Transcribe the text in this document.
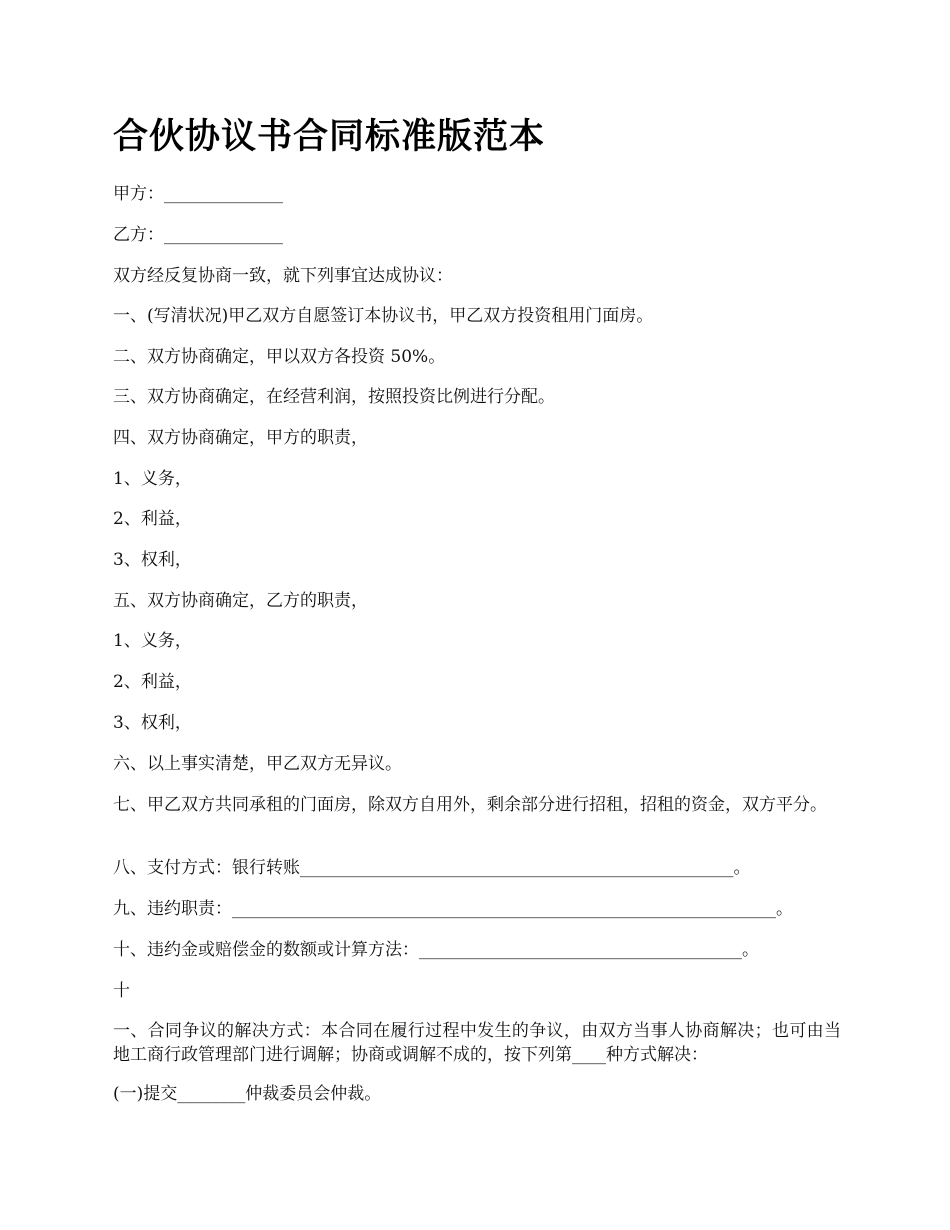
合伙协议书合同标准版范本

甲方：______________

乙方：______________

双方经反复协商一致，就下列事宜达成协议：

一、(写清状况)甲乙双方自愿签订本协议书，甲乙双方投资租用门面房。

二、双方协商确定，甲以双方各投资 50%。

三、双方协商确定，在经营利润，按照投资比例进行分配。

四、双方协商确定，甲方的职责，

1、义务，

2、利益，

3、权利，

五、双方协商确定，乙方的职责，

1、义务，

2、利益，

3、权利，

六、以上事实清楚，甲乙双方无异议。

七、甲乙双方共同承租的门面房，除双方自用外，剩余部分进行招租，招租的资金，双方平分。

八、支付方式：银行转账___________________________________________________。

九、违约职责：________________________________________________________________。

十、违约金或赔偿金的数额或计算方法：______________________________________。

十

一、合同争议的解决方式：本合同在履行过程中发生的争议，由双方当事人协商解决；也可由当地工商行政管理部门进行调解；协商或调解不成的，按下列第____种方式解决：

(一)提交________仲裁委员会仲裁。
